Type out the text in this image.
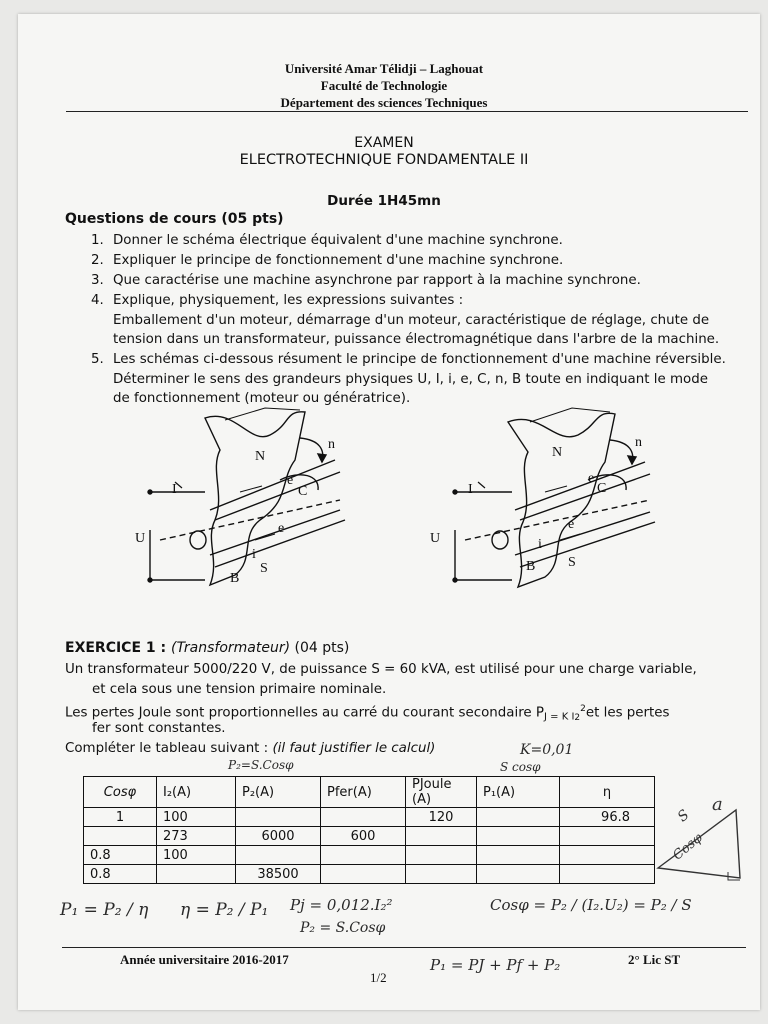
Université Amar Télidji – Laghouat
Faculté de Technologie
Département des sciences Techniques
EXAMEN
ELECTROTECHNIQUE FONDAMENTALE II
Durée 1H45mn
Questions de cours (05 pts)
1. Donner le schéma électrique équivalent d'une machine synchrone.
2. Expliquer le principe de fonctionnement d'une machine synchrone.
3. Que caractérise une machine asynchrone par rapport à la machine synchrone.
4. Explique, physiquement, les expressions suivantes :
Emballement d'un moteur, démarrage d'un moteur, caractéristique de réglage, chute de
tension dans un transformateur, puissance électromagnétique dans l'arbre de la machine.
5. Les schémas ci-dessous résument le principe de fonctionnement d'une machine réversible.
Déterminer le sens des grandeurs physiques U, I, i, e, C, n, B toute en indiquant le mode
de fonctionnement (moteur ou génératrice).
I
U
i
e
e
C
n
B
S
N
I
U	i
e
e
C
n
B S
N
EXERCICE 1 : (Transformateur) (04 pts)
Un transformateur 5000/220 V, de puissance S = 60 kVA, est utilisé pour une charge variable,
et cela sous une tension primaire nominale.
Les pertes Joule sont proportionnelles au carré du courant secondaire $P_{J = K I2}^2et$ les pertes
fer sont constantes.
Compléter le tableau suivant : (il faut justifier le calcul)
P₂=S.Cosφ
K=0,01
S cosφ
Cosφ	I₂(A)	P₂(A)	Pfer(A)	PJoule (A)	P₁(A)	η
1	100			120		96.8
	273	6000	600			
0.8	100					
0.8		38500				
Cosφ
S
a
P₁ = P₂ / η η = P₂ / P₁ Pj = 0,012.I₂²
P₂ = S.Cosφ
Cosφ = P₂ / (I₂.U₂) = P₂ / S
Année universitaire 2016-2017
1/2
2° Lic ST
P₁ = PJ + Pf + P₂
